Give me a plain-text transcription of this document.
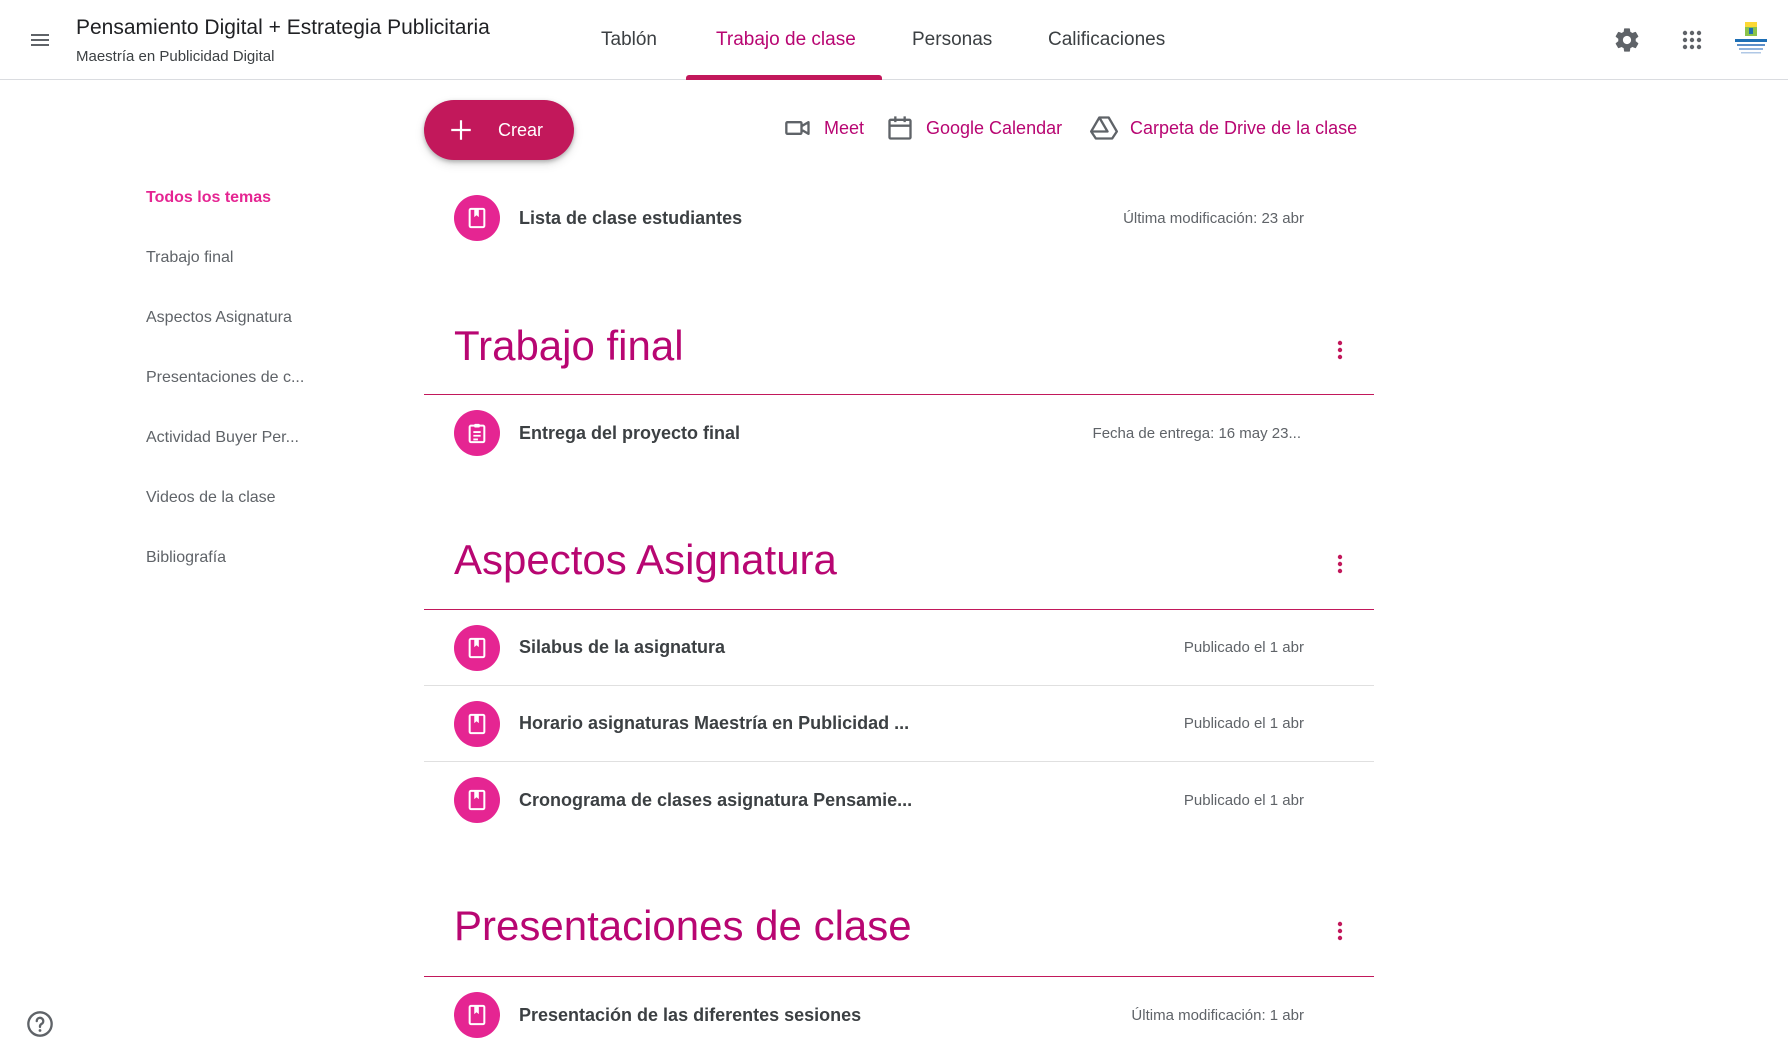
Pensamiento Digital + Estrategia Publicitaria
Maestría en Publicidad Digital
Tablón	Trabajo de clase	Personas	Calificaciones
Crear	Meet	Google Calendar	Carpeta de Drive de la clase
Todos los temas
Trabajo final
Aspectos Asignatura
Presentaciones de c...
Actividad Buyer Per...
Videos de la clase
Bibliografía
Lista de clase estudiantes	Última modificación: 23 abr
Trabajo final
Entrega del proyecto final	Fecha de entrega: 16 may 23...
Aspectos Asignatura
Silabus de la asignatura	Publicado el 1 abr
Horario asignaturas Maestría en Publicidad ...	Publicado el 1 abr
Cronograma de clases asignatura Pensamie...	Publicado el 1 abr
Presentaciones de clase
Presentación de las diferentes sesiones	Última modificación: 1 abr
